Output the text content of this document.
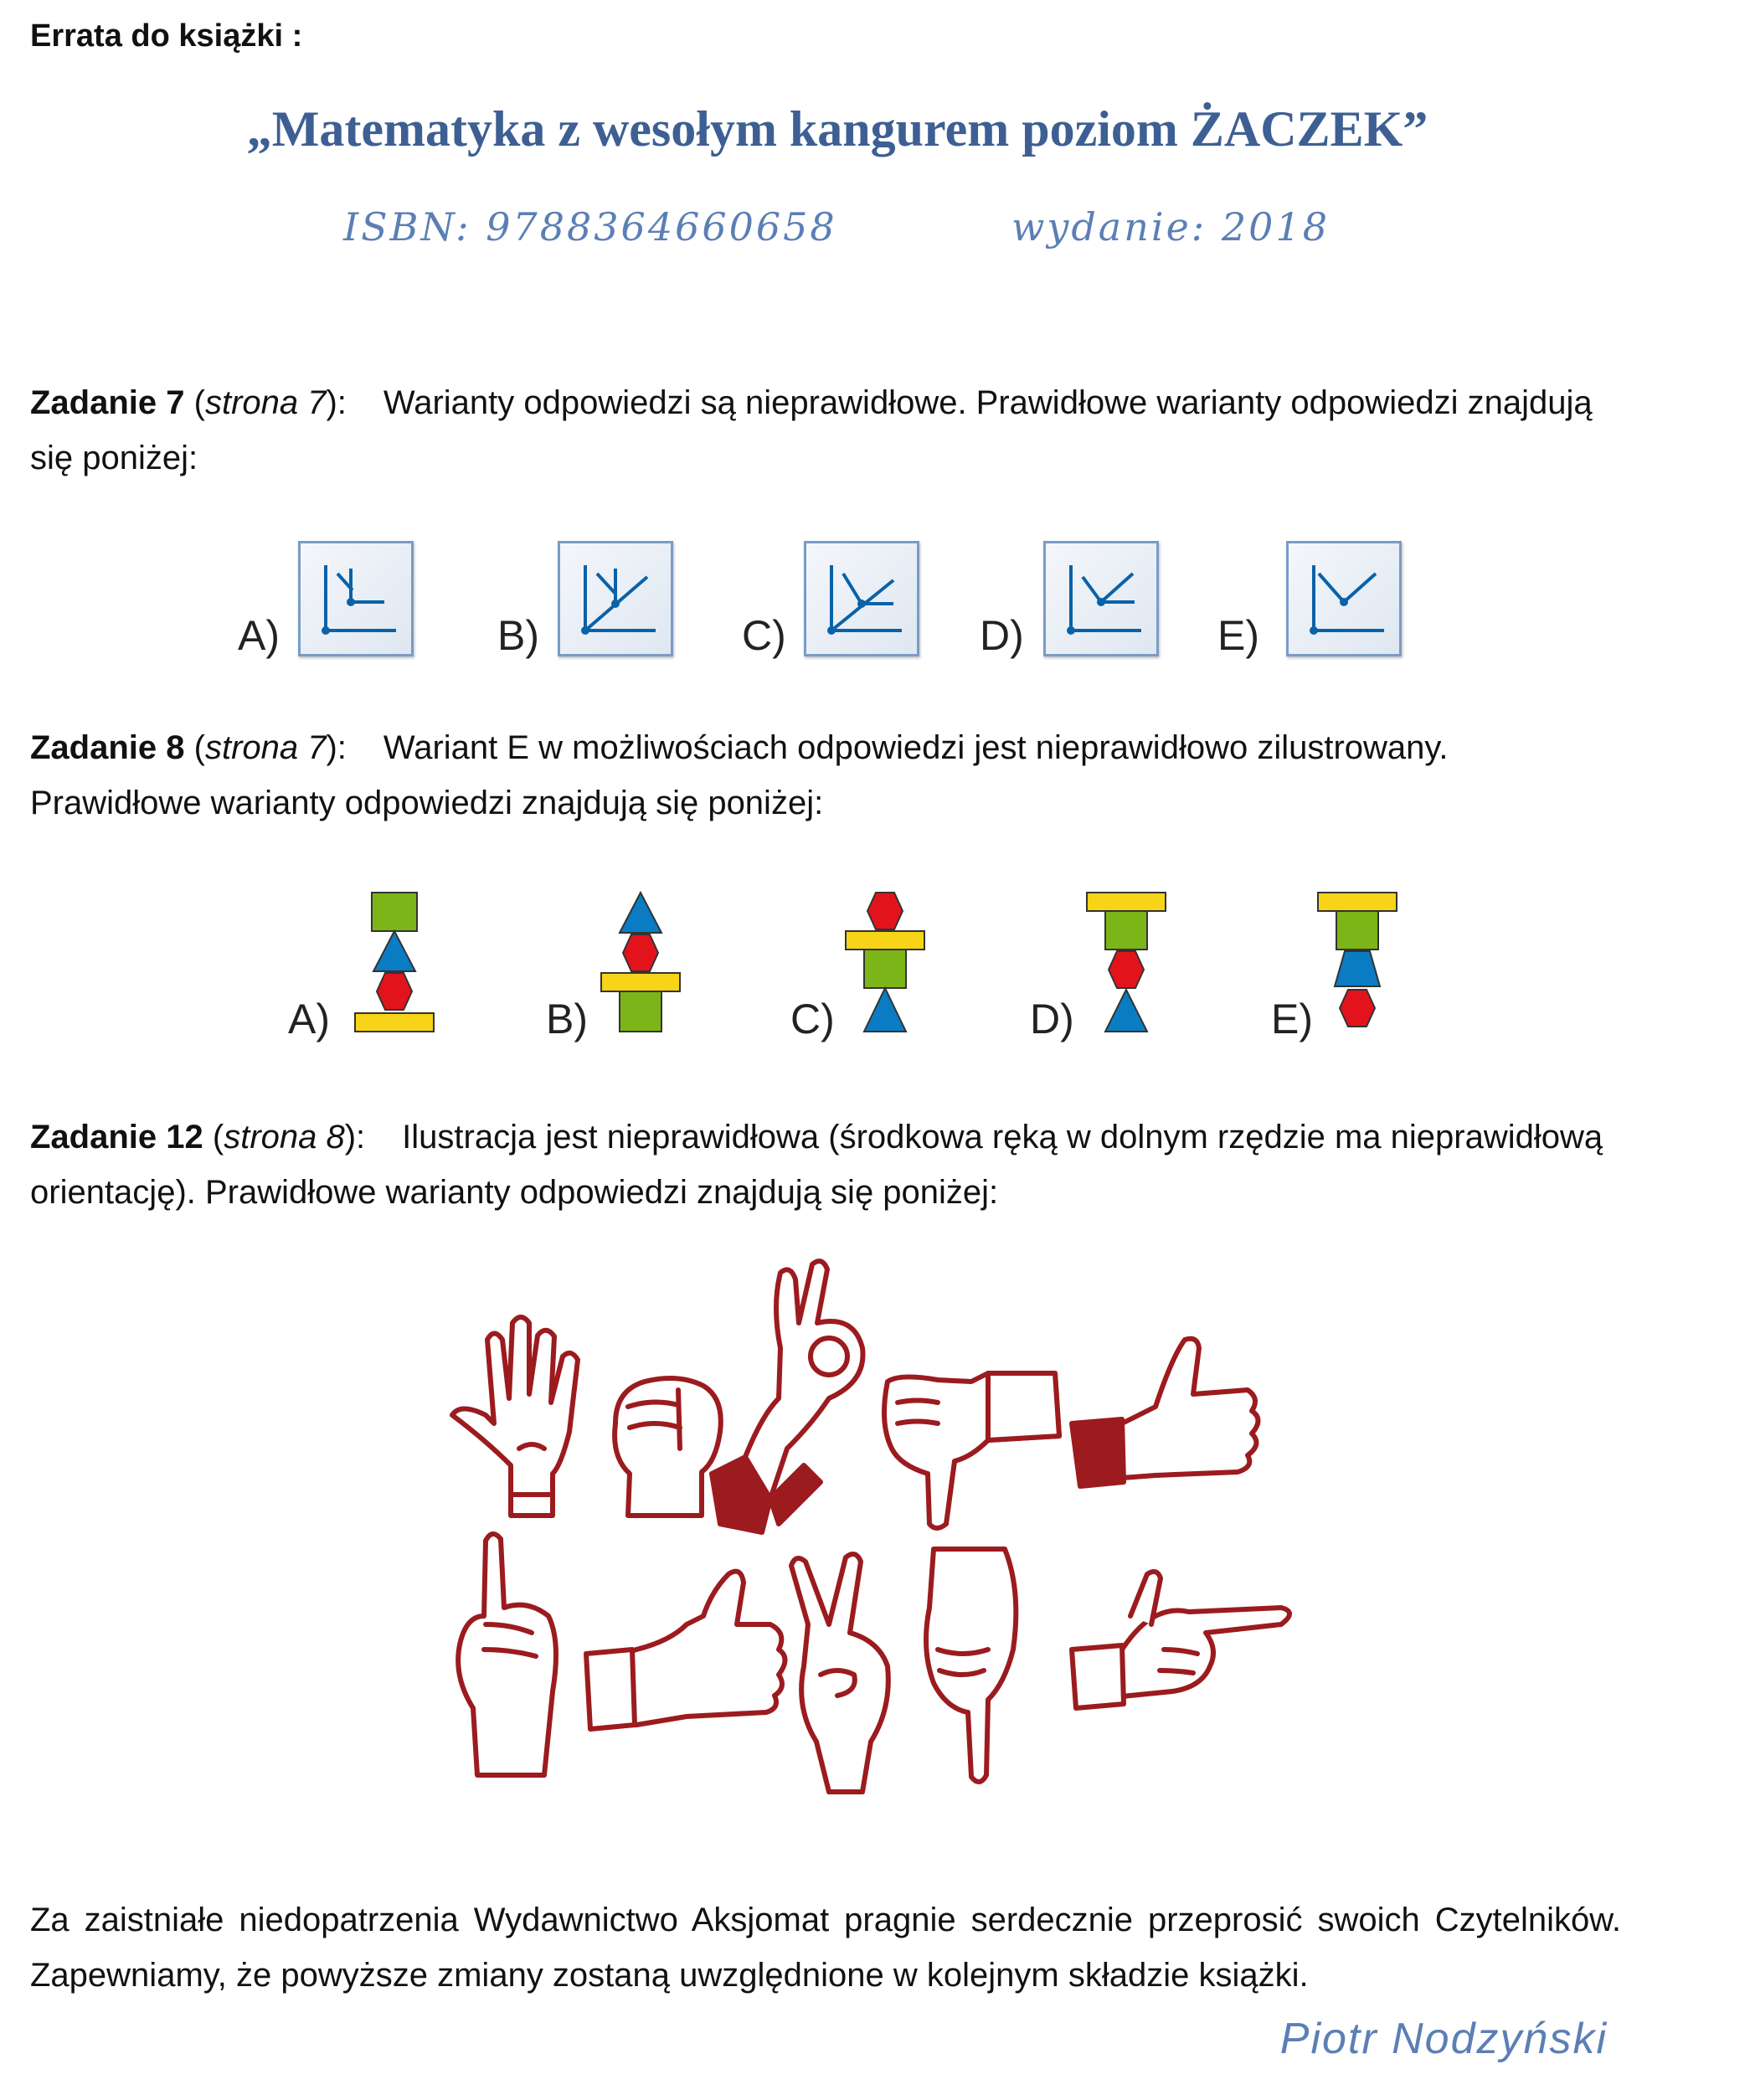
Errata do książki :
„Matematyka z wesołym kangurem poziom ŻACZEK”
ISBN: 9788364660658	wydanie: 2018
Zadanie 7 (strona 7): Warianty odpowiedzi są nieprawidłowe. Prawidłowe warianty odpowiedzi znajdują się poniżej:
A)	B)	C)	D)	E)
Zadanie 8 (strona 7): Wariant E w możliwościach odpowiedzi jest nieprawidłowo zilustrowany. Prawidłowe warianty odpowiedzi znajdują się poniżej:
A)	B)	C)	D)	E)
Zadanie 12 (strona 8): Ilustracja jest nieprawidłowa (środkowa ręką w dolnym rzędzie ma nieprawidłową orientację). Prawidłowe warianty odpowiedzi znajdują się poniżej:
Za zaistniałe niedopatrzenia Wydawnictwo Aksjomat pragnie serdecznie przeprosić swoich Czytelników. Zapewniamy, że powyższe zmiany zostaną uwzględnione w kolejnym składzie książki.
Piotr Nodzyński
